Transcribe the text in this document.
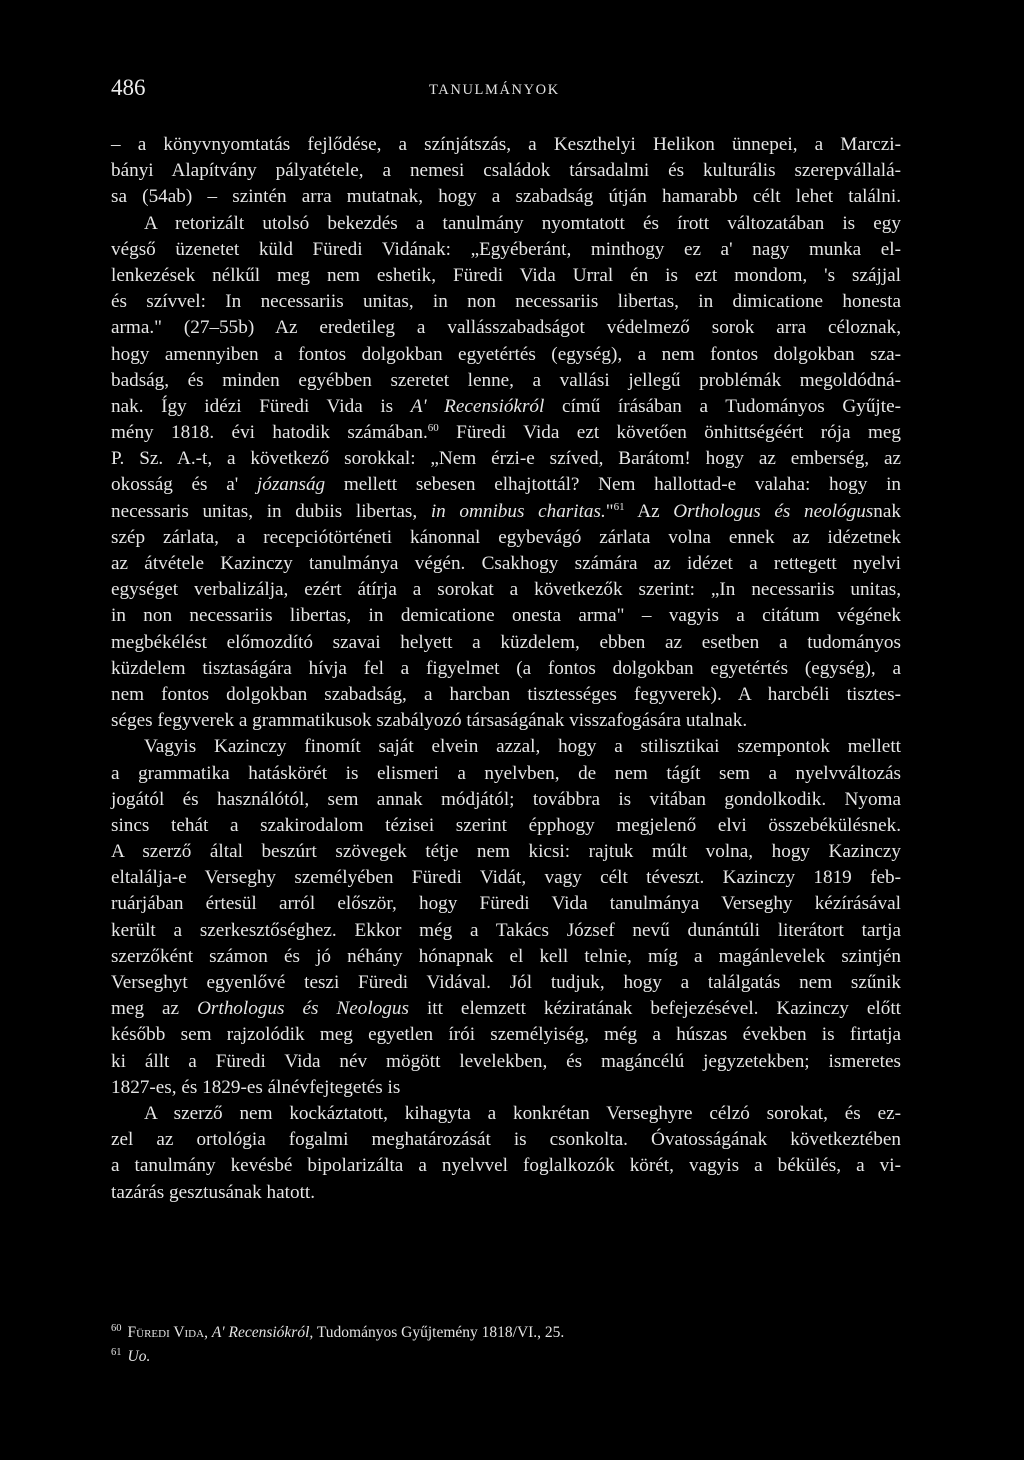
486	TANULMÁNYOK
– a könyvnyomtatás fejlődése, a színjátszás, a Keszthelyi Helikon ünnepei, a Marczi-
bányi Alapítvány pályatétele, a nemesi családok társadalmi és kulturális szerepvállalá-
sa (54ab) – szintén arra mutatnak, hogy a szabadság útján hamarabb célt lehet találni.
A retorizált utolsó bekezdés a tanulmány nyomtatott és írott változatában is egy
végső üzenetet küld Füredi Vidának: „Egyéberánt, minthogy ez a' nagy munka el-
lenkezések nélkűl meg nem eshetik, Füredi Vida Urral én is ezt mondom, 's szájjal
és szívvel: In necessariis unitas, in non necessariis libertas, in dimicatione honesta
arma." (27–55b) Az eredetileg a vallásszabadságot védelmező sorok arra céloznak,
hogy amennyiben a fontos dolgokban egyetértés (egység), a nem fontos dolgokban sza-
badság, és minden egyébben szeretet lenne, a vallási jellegű problémák megoldódná-
nak. Így idézi Füredi Vida is A' Recensiókról című írásában a Tudományos Gyűjte-
mény 1818. évi hatodik számában.$^{60}$ Füredi Vida ezt követően önhittségéért rója meg
P. Sz. A.-t, a következő sorokkal: „Nem érzi-e szíved, Barátom! hogy az emberség, az
okosság és a' józanság mellett sebesen elhajtottál? Nem hallottad-e valaha: hogy in
necessaris unitas, in dubiis libertas, in omnibus charitas."$^{61}$ Az Orthologus és neológusnak
szép zárlata, a recepciótörténeti kánonnal egybevágó zárlata volna ennek az idézetnek
az átvétele Kazinczy tanulmánya végén. Csakhogy számára az idézet a rettegett nyelvi
egységet verbalizálja, ezért átírja a sorokat a következők szerint: „In necessariis unitas,
in non necessariis libertas, in demicatione onesta arma" – vagyis a citátum végének
megbékélést előmozdító szavai helyett a küzdelem, ebben az esetben a tudományos
küzdelem tisztaságára hívja fel a figyelmet (a fontos dolgokban egyetértés (egység), a
nem fontos dolgokban szabadság, a harcban tisztességes fegyverek). A harcbéli tisztes-
séges fegyverek a grammatikusok szabályozó társaságának visszafogására utalnak.
Vagyis Kazinczy finomít saját elvein azzal, hogy a stilisztikai szempontok mellett
a grammatika hatáskörét is elismeri a nyelvben, de nem tágít sem a nyelvváltozás
jogától és használótól, sem annak módjától; továbbra is vitában gondolkodik. Nyoma
sincs tehát a szakirodalom tézisei szerint épphogy megjelenő elvi összebékülésnek.
A szerző által beszúrt szövegek tétje nem kicsi: rajtuk múlt volna, hogy Kazinczy
eltalálja-e Verseghy személyében Füredi Vidát, vagy célt téveszt. Kazinczy 1819 feb-
ruárjában értesül arról először, hogy Füredi Vida tanulmánya Verseghy kézírásával
került a szerkesztőséghez. Ekkor még a Takács József nevű dunántúli literátort tartja
szerzőként számon és jó néhány hónapnak el kell telnie, míg a magánlevelek szintjén
Verseghyt egyenlővé teszi Füredi Vidával. Jól tudjuk, hogy a találgatás nem szűnik
meg az Orthologus és Neologus itt elemzett kéziratának befejezésével. Kazinczy előtt
később sem rajzolódik meg egyetlen írói személyiség, még a húszas években is firtatja
ki állt a Füredi Vida név mögött levelekben, és magáncélú jegyzetekben; ismeretes
1827-es, és 1829-es álnévfejtegetés is
A szerző nem kockáztatott, kihagyta a konkrétan Verseghyre célzó sorokat, és ez-
zel az ortológia fogalmi meghatározását is csonkolta. Óvatosságának következtében
a tanulmány kevésbé bipolarizálta a nyelvvel foglalkozók körét, vagyis a békülés, a vi-
tazárás gesztusának hatott.
$^{60}$ Füredi Vida, A' Recensiókról, Tudományos Gyűjtemény 1818/VI., 25.
$^{61}$ Uo.
